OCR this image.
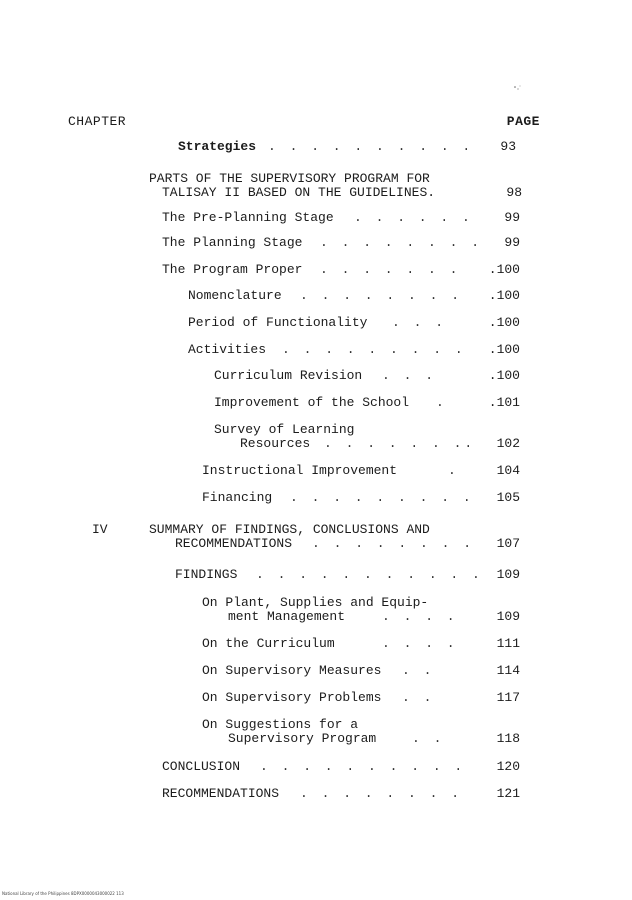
CHAPTER	PAGE
Strategies . . . . . . . . . . 93
PARTS OF THE SUPERVISORY PROGRAM FOR
TALISAY II BASED ON THE GUIDELINES.	98
The Pre-Planning Stage . . . . . . 99
The Planning Stage . . . . . . . . 99
The Program Proper . . . . . . . .100
Nomenclature . . . . . . . . .100
Period of Functionality . . .	.100
Activities . . . . . . . . . .100
Curriculum Revision . . .	.100
Improvement of the School .	.101
Survey of Learning
Resources . . . . . . .. 102
Instructional Improvement	.	104
Financing . . . . . . . . . 105
IV	SUMMARY OF FINDINGS, CONCLUSIONS AND
RECOMMENDATIONS . . . . . . . . 107
FINDINGS . . . . . . . . . . . 109
On Plant, Supplies and Equip-
ment Management	. . . .	109
On the Curriculum	. . . .	111
On Supervisory Measures . .	114
On Supervisory Problems . .	117
On Suggestions for a
Supervisory Program	. .	118
CONCLUSION . . . . . . . . . . 120
RECOMMENDATIONS . . . . . . . .	121
National Library of the Philippines 8DPX0000043000022 113
